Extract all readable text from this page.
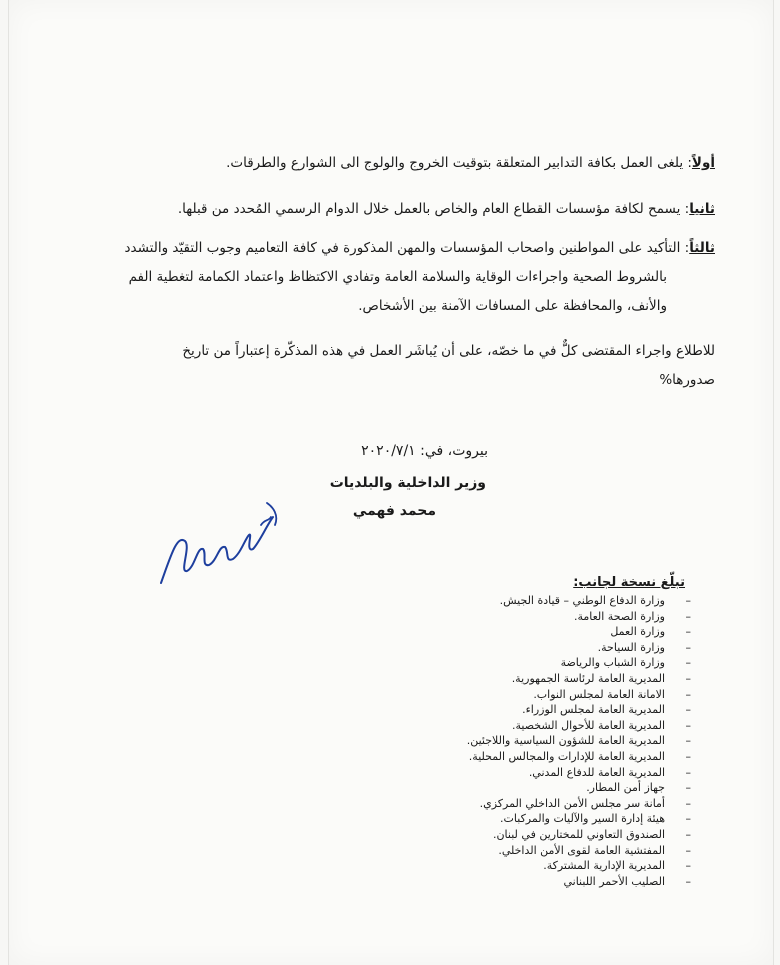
أولاً: يلغى العمل بكافة التدابير المتعلقة بتوقيت الخروج والولوج الى الشوارع والطرقات.
ثانيا: يسمح لكافة مؤسسات القطاع العام والخاص بالعمل خلال الدوام الرسمي المُحدد من قبلها.
ثالثاً: التأكيد على المواطنين واصحاب المؤسسات والمهن المذكورة في كافة التعاميم وجوب التقيّد والتشدد
بالشروط الصحية واجراءات الوقاية والسلامة العامة وتفادي الاكتظاظ واعتماد الكمامة لتغطية الفم
والأنف، والمحافظة على المسافات الآمنة بين الأشخاص.
للاطلاع واجراء المقتضى كلٌّ في ما خصّه، على أن يُباشَر العمل في هذه المذكّرة إعتباراً من تاريخ
صدورها%
بيروت، في: ٢٠٢٠/٧/١
وزير الداخلية والبلديات
محمد فهمي
تبلّغ نسخة لجانب:
– وزارة الدفاع الوطني – قيادة الجيش.
– وزارة الصحة العامة.
– وزارة العمل
– وزارة السياحة.
– وزارة الشباب والرياضة
– المديرية العامة لرئاسة الجمهورية.
– الامانة العامة لمجلس النواب.
– المديرية العامة لمجلس الوزراء.
– المديرية العامة للأحوال الشخصية.
– المديرية العامة للشؤون السياسية واللاجئين.
– المديرية العامة للإدارات والمجالس المحلية.
– المديرية العامة للدفاع المدني.
– جهاز أمن المطار.
– أمانة سر مجلس الأمن الداخلي المركزي.
– هيئة إدارة السير والآليات والمركبات.
– الصندوق التعاوني للمختارين في لبنان.
– المفتشية العامة لقوى الأمن الداخلي.
– المديرية الإدارية المشتركة.
– الصليب الأحمر اللبناني
